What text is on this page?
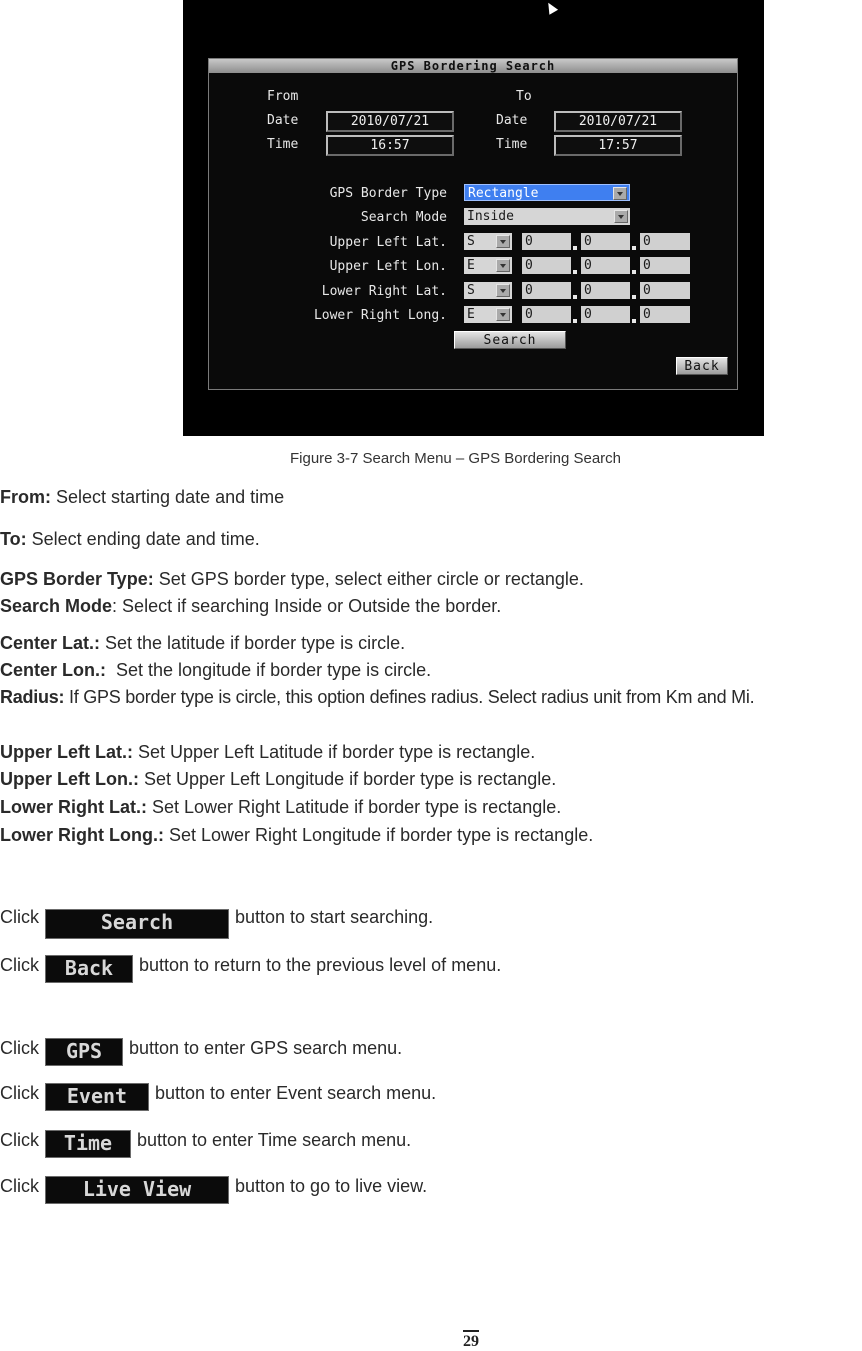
GPS Bordering Search
From	To
Date	2010/07/21	Date	2010/07/21
Time	16:57	Time	17:57
GPS Border Type	Rectangle
Search Mode Inside
Upper Left Lat. S	0	0	0
Upper Left Lon. E	0	0	0
Lower Right Lat. S	0	0	0
Lower Right Long. E	0	0	0
Search
Back
Figure 3-7 Search Menu – GPS Bordering Search
From: Select starting date and time
To: Select ending date and time.
GPS Border Type: Set GPS border type, select either circle or rectangle.
Search Mode: Select if searching Inside or Outside the border.
Center Lat.: Set the latitude if border type is circle.
Center Lon.:  Set the longitude if border type is circle.
Radius: If GPS border type is circle, this option defines radius. Select radius unit from Km and Mi.
Upper Left Lat.: Set Upper Left Latitude if border type is rectangle.
Upper Left Lon.: Set Upper Left Longitude if border type is rectangle.
Lower Right Lat.: Set Lower Right Latitude if border type is rectangle.
Lower Right Long.: Set Lower Right Longitude if border type is rectangle.
Click	Search	button to start searching.
Click Back button to return to the previous level of menu.
Click GPS button to enter GPS search menu.
Click Event button to enter Event search menu.
Click Time button to enter Time search menu.
Click Live View button to go to live view.
29
